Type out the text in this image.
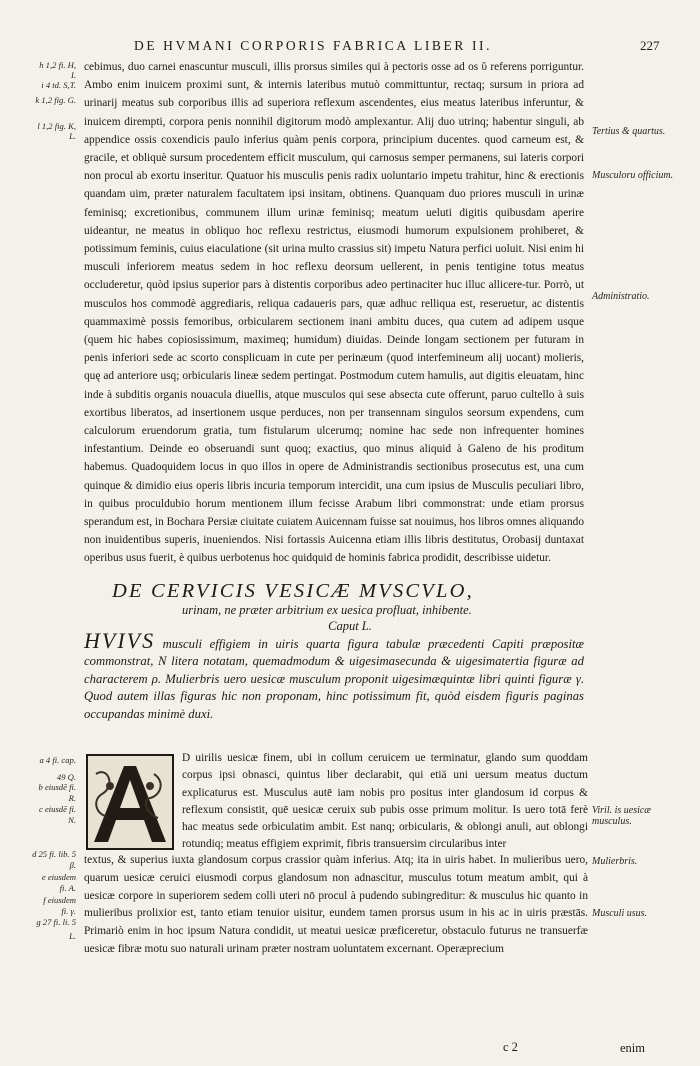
DE HVMANI CORPORIS FABRICA LIBER II.	227

cebimus, duo carnei enascuntur musculi, illis prorsus similes qui à pectoris osse ad os ῠ referens porriguntur. Ambo enim inuicem proximi sunt, & internis lateribus mutuò committuntur, rectaq; sursum in priora ad urinarij meatus sub corporibus illis ad superiora reflexum ascendentes, eius meatus lateribus inferuntur, & inuicem dirempti, corpora penis nonnihil digitorum modò amplexantur. Alij duo utrinq; habentur singuli, ab appendice ossis coxendicis paulo inferius quàm penis corpora, principium ducentes. quod carneum est, & gracile, et obliquè sursum procedentem efficit musculum, qui carnosus semper permanens, sui lateris corpori non procul ab exortu inseritur. Quatuor his musculis penis radix uoluntario impetu trahitur, hinc & erectionis quandam uim, præter naturalem facultatem ipsi insitam, obtinens. Quanquam duo priores musculi in urinæ feminisq; excretionibus, communem illum urinæ feminisq; meatum ueluti digitis quibusdam aperire uideantur, ne meatus in obliquo hoc reflexu restrictus, eiusmodi humorum expulsionem prohiberet, & potissimum feminis, cuius eiaculatione (sit urina multo crassius sit) impetu Natura perfici uoluit. Nisi enim hi musculi inferiorem meatus sedem in hoc reflexu deorsum uellerent, in penis tentigine totus meatus occluderetur, quòd ipsius superior pars à distentis corporibus adeo pertinaciter huc illuc allicere-tur. Porrò, ut musculos hos commodè aggrediaris, reliqua cadaueris pars, quæ adhuc relliqua est, reseruetur, ac distentis quammaximè possis femoribus, orbicularem sectionem inani ambitu duces, qua cutem ad adipem usque (quem hic habes copiosissimum, maximeq; humidum) diuidas. Deinde longam sectionem per futuram in penis inferiori sede ac scorto consplicuam in cute per perinæum (quod interfemineum alij uocant) molieris, quę ad anteriore usq; orbicularis lineæ sedem pertingat. Postmodum cutem hamulis, aut digitis eleuatam, hinc inde à subditis organis nouacula diuellis, atque musculos qui sese abseсta cute offerunt, paruo cultello à suis exortibus liberatos, ad insertionem usque perduces, non per transennam singulos seorsum expendens, cum calculorum eruendorum gratia, tum fistularum ulcerumq; nomine hac sede non infrequenter homines infestantium. Deinde eo obseruandi sunt quoq; exactius, quo minus aliquid à Galeno de his proditum habemus. Quadoquidem locus in quo illos in opere de Administrandis sectionibus prosecutus est, una cum quinque & dimidio eius operis libris incuria temporum intercidit, una cum ipsius de Musculis peculiari libro, in quibus proculdubio horum mentionem illum fecisse Arabum libri commonstrat: unde etiam prorsus sperandum est, in Bochara Persiæ ciuitate cuiatem Auicennam fuisse sat nouimus, hos libros omnes aliquando non inuidentibus superis, inueniendos. Nisi fortassis Auicenna etiam illis libris destitutus, Orobasij duntaxat operibus usus fuerit, è quibus uerbotenus hoc quidquid de hominis fabrica prodidit, describisse uidetur.

DE CERVICIS VESICÆ MVSCVLO,
urinam, ne præter arbitrium ex uesica profluat, inhibente.
Caput L.
HVIVS musculi effigiem in uiris quarta figura tabulæ præcedenti Capiti præpositæ commonstrat, N litera notatam, quemadmodum & uigesimasecunda & uigesimatertia figuræ ad characterem ρ. Mulierbris uero uesicæ musculum proponit uigesimæquintæ libri quinti figuræ γ. Quod autem illas figuras hic non proponam, hinc potissimum fit, quòd eisdem figuris paginas occupandas minimè duxi.

D uirilis uesicæ finem, ubi in collum ceruicem ue terminatur, glando sum quoddam corpus ipsi obnasci, quintus liber declarabit, qui etiä uni uersum meatus ductum explicaturus est. Musculus autē iam nobis pro positus inter glandosum id corpus & reflexum consistit, quē uesicæ ceruix sub pubis osse primum molitur. Is uero totā ferè hac meatus sede orbiculatim ambit. Est nanq; orbicularis, & oblongi anuli, aut oblongi rotundiq; meatus effigiem exprimit, fibris transuersim circularibus inter

textus, & superius iuxta glandosum corpus crassior quàm inferius. Atq; ita in uiris habet. In mulieribus uero, quarum uesicæ ceruici eiusmodi corpus glandosum non adnascitur, musculus totum meatum ambit, qui à uesicæ corpore in superiorem sedem colli uteri nō procul à pudendo subingreditur: & musculus hic quanto in mulieribus prolixior est, tanto etiam tenuior uisitur, eundem tamen prorsus usum in his ac in uiris præstās. Primariò enim in hoc ipsum Natura condidit, ut meatui uesicæ præficeretur, obstaculo futurus ne transuerfæ uesicæ fibræ motu suo naturali urinam præter nostram uoluntatem excernant. Operæprecium

h 1,2 fi. H,
I.
i 4 td. S,T.
k 1,2 fig. G.
l 1,2 fig. K,
L.
a 4 fi. cap.
49 Q.
b eiusdē fi.
R.
c eiusdē fi.
N.
d 25 fi. lib. 5
β.
e eiusdem
fi. A.
f eiusdem
fi. γ.
g 27 fi. li. 5
L.
Tertius & quartus.
Musculoru officium.
Administratio.
Viril. is uesicæ musculus.
Mulierbris.
Musculi usus.
c 2	enim
